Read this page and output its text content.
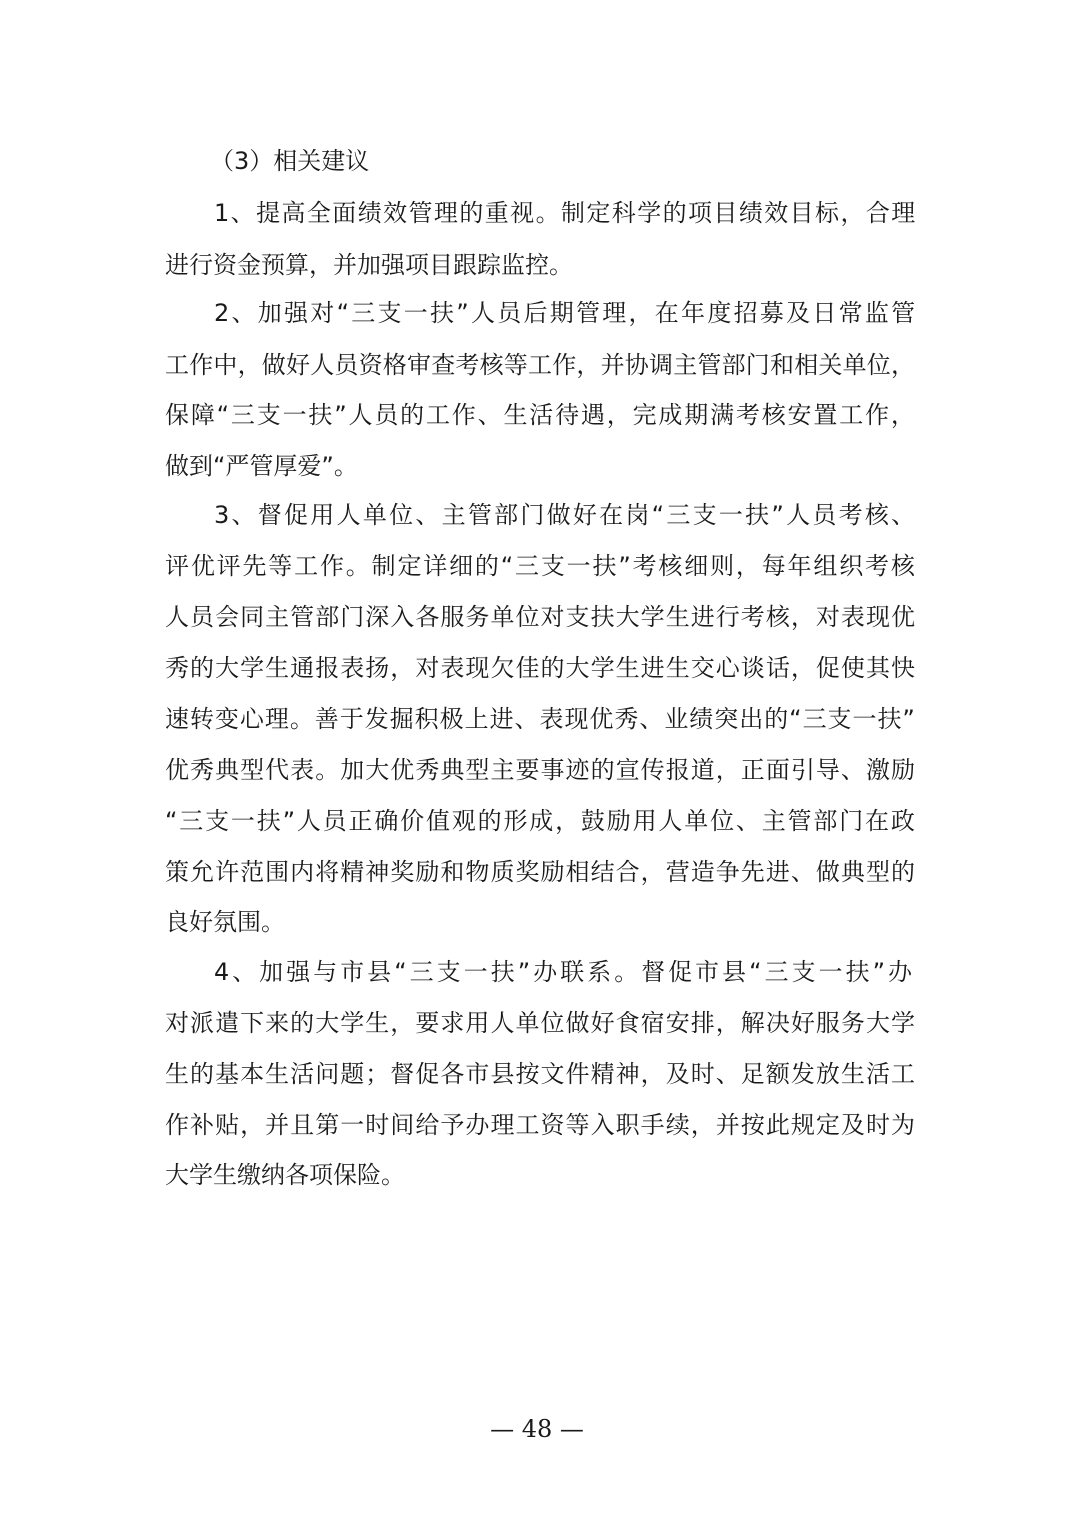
（3）相关建议
1、提高全面绩效管理的重视。制定科学的项目绩效目标，合理
进行资金预算，并加强项目跟踪监控。
2、加强对“三支一扶”人员后期管理，在年度招募及日常监管
工作中，做好人员资格审查考核等工作，并协调主管部门和相关单位，
保障“三支一扶”人员的工作、生活待遇，完成期满考核安置工作，
做到“严管厚爱”。
3、督促用人单位、主管部门做好在岗“三支一扶”人员考核、
评优评先等工作。制定详细的“三支一扶”考核细则，每年组织考核
人员会同主管部门深入各服务单位对支扶大学生进行考核，对表现优
秀的大学生通报表扬，对表现欠佳的大学生进生交心谈话，促使其快
速转变心理。善于发掘积极上进、表现优秀、业绩突出的“三支一扶”
优秀典型代表。加大优秀典型主要事迹的宣传报道，正面引导、激励
“三支一扶”人员正确价值观的形成，鼓励用人单位、主管部门在政
策允许范围内将精神奖励和物质奖励相结合，营造争先进、做典型的
良好氛围。
4、加强与市县“三支一扶”办联系。督促市县“三支一扶”办
对派遣下来的大学生，要求用人单位做好食宿安排，解决好服务大学
生的基本生活问题；督促各市县按文件精神，及时、足额发放生活工
作补贴，并且第一时间给予办理工资等入职手续，并按此规定及时为
大学生缴纳各项保险。
— 48 —
